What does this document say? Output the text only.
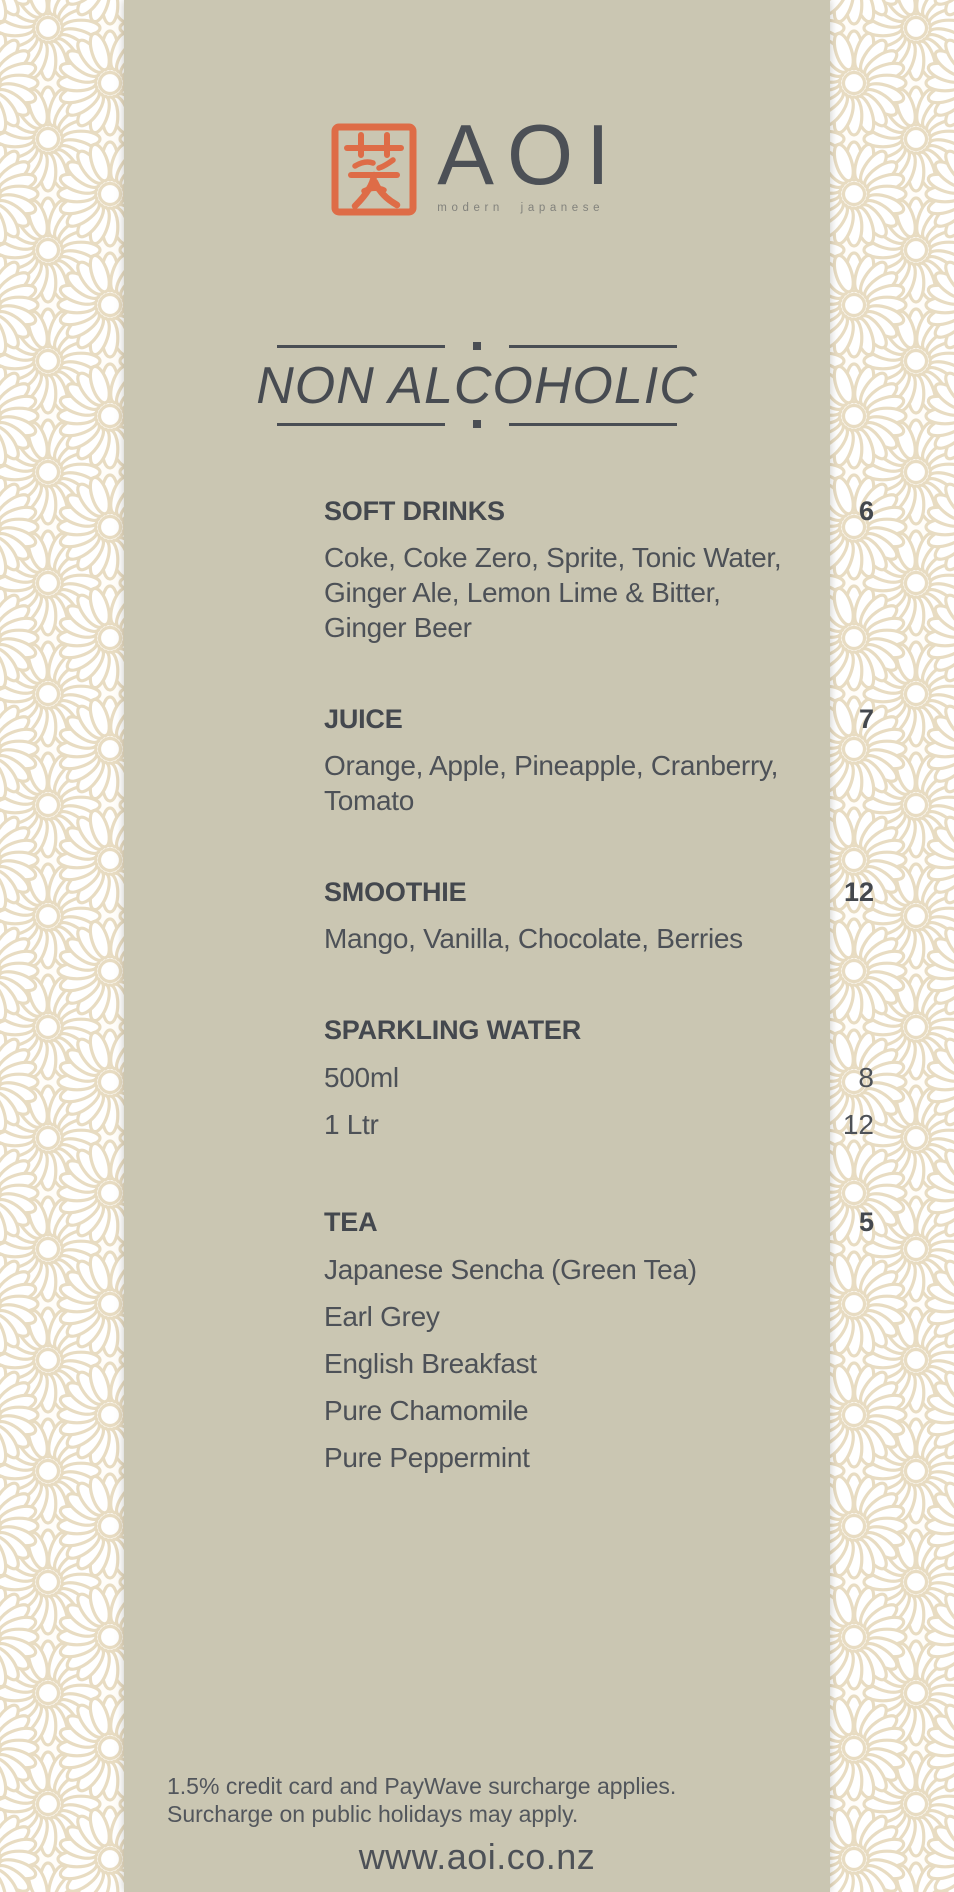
AOI
modern japanese
NON ALCOHOLIC
SOFT DRINKS	6
Coke, Coke Zero, Sprite, Tonic Water,
Ginger Ale, Lemon Lime & Bitter,
Ginger Beer
JUICE	7
Orange, Apple, Pineapple, Cranberry,
Tomato
SMOOTHIE	12
Mango, Vanilla, Chocolate, Berries
SPARKLING WATER
500ml	8
1 Ltr	12
TEA	5
Japanese Sencha (Green Tea)
Earl Grey
English Breakfast
Pure Chamomile
Pure Peppermint
1.5% credit card and PayWave surcharge applies.
Surcharge on public holidays may apply.
www.aoi.co.nz
